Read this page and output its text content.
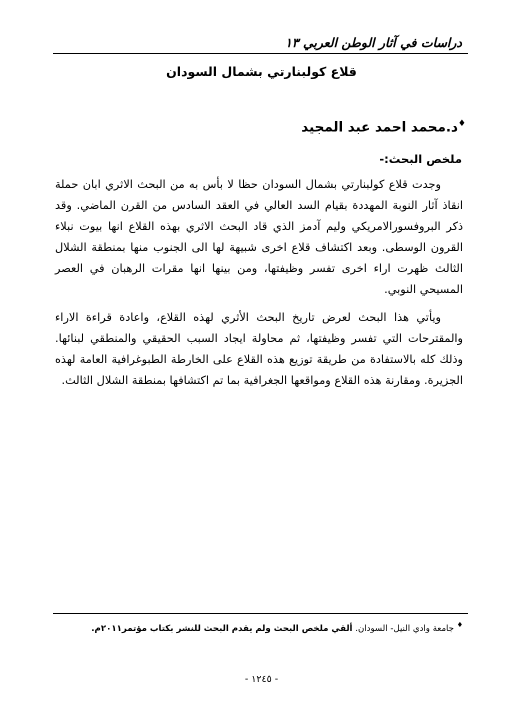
دراسات في آثار الوطن العربي ١٣
قلاع كولبنارتي بشمال السودان
♦د.محمد احمد عبد المجيد
ملخص البحث:-

وجدت قلاع كولبنارتي بشمال السودان حظا لا بأس به من البحث الاثري ابان حملة انقاذ آثار النوبة المهددة بقيام السد العالي في العقد السادس من القرن الماضي. وقد ذكر البروفسورالامريكي وليم آدمز الذي قاد البحث الاثري بهذه القلاع انها بيوت نبلاء القرون الوسطى. وبعد اكتشاف قلاع اخرى شبيهة لها الى الجنوب منها بمنطقة الشلال الثالث ظهرت اراء اخرى تفسر وظيفتها، ومن بينها انها مقرات الرهبان في العصر المسيحي النوبي.

ويأتي هذا البحث لعرض تاريخ البحث الأثري لهذه القلاع، واعادة قراءة الاراء والمقترحات التي تفسر وظيفتها، ثم محاولة ايجاد السبب الحقيقي والمنطقي لبنائها. وذلك كله بالاستفادة من طريقة توزيع هذه القلاع على الخارطة الطبوغرافية العامة لهذه الجزيرة. ومقارنة هذه القلاع ومواقعها الجغرافية بما تم اكتشافها بمنطقة الشلال الثالث.

♦ جامعة وادي النيل- السودان. ألقي ملخص البحث ولم يقدم البحث للنشر بكتاب مؤتمر٢٠١١م.
- ١٢٤٥ -
